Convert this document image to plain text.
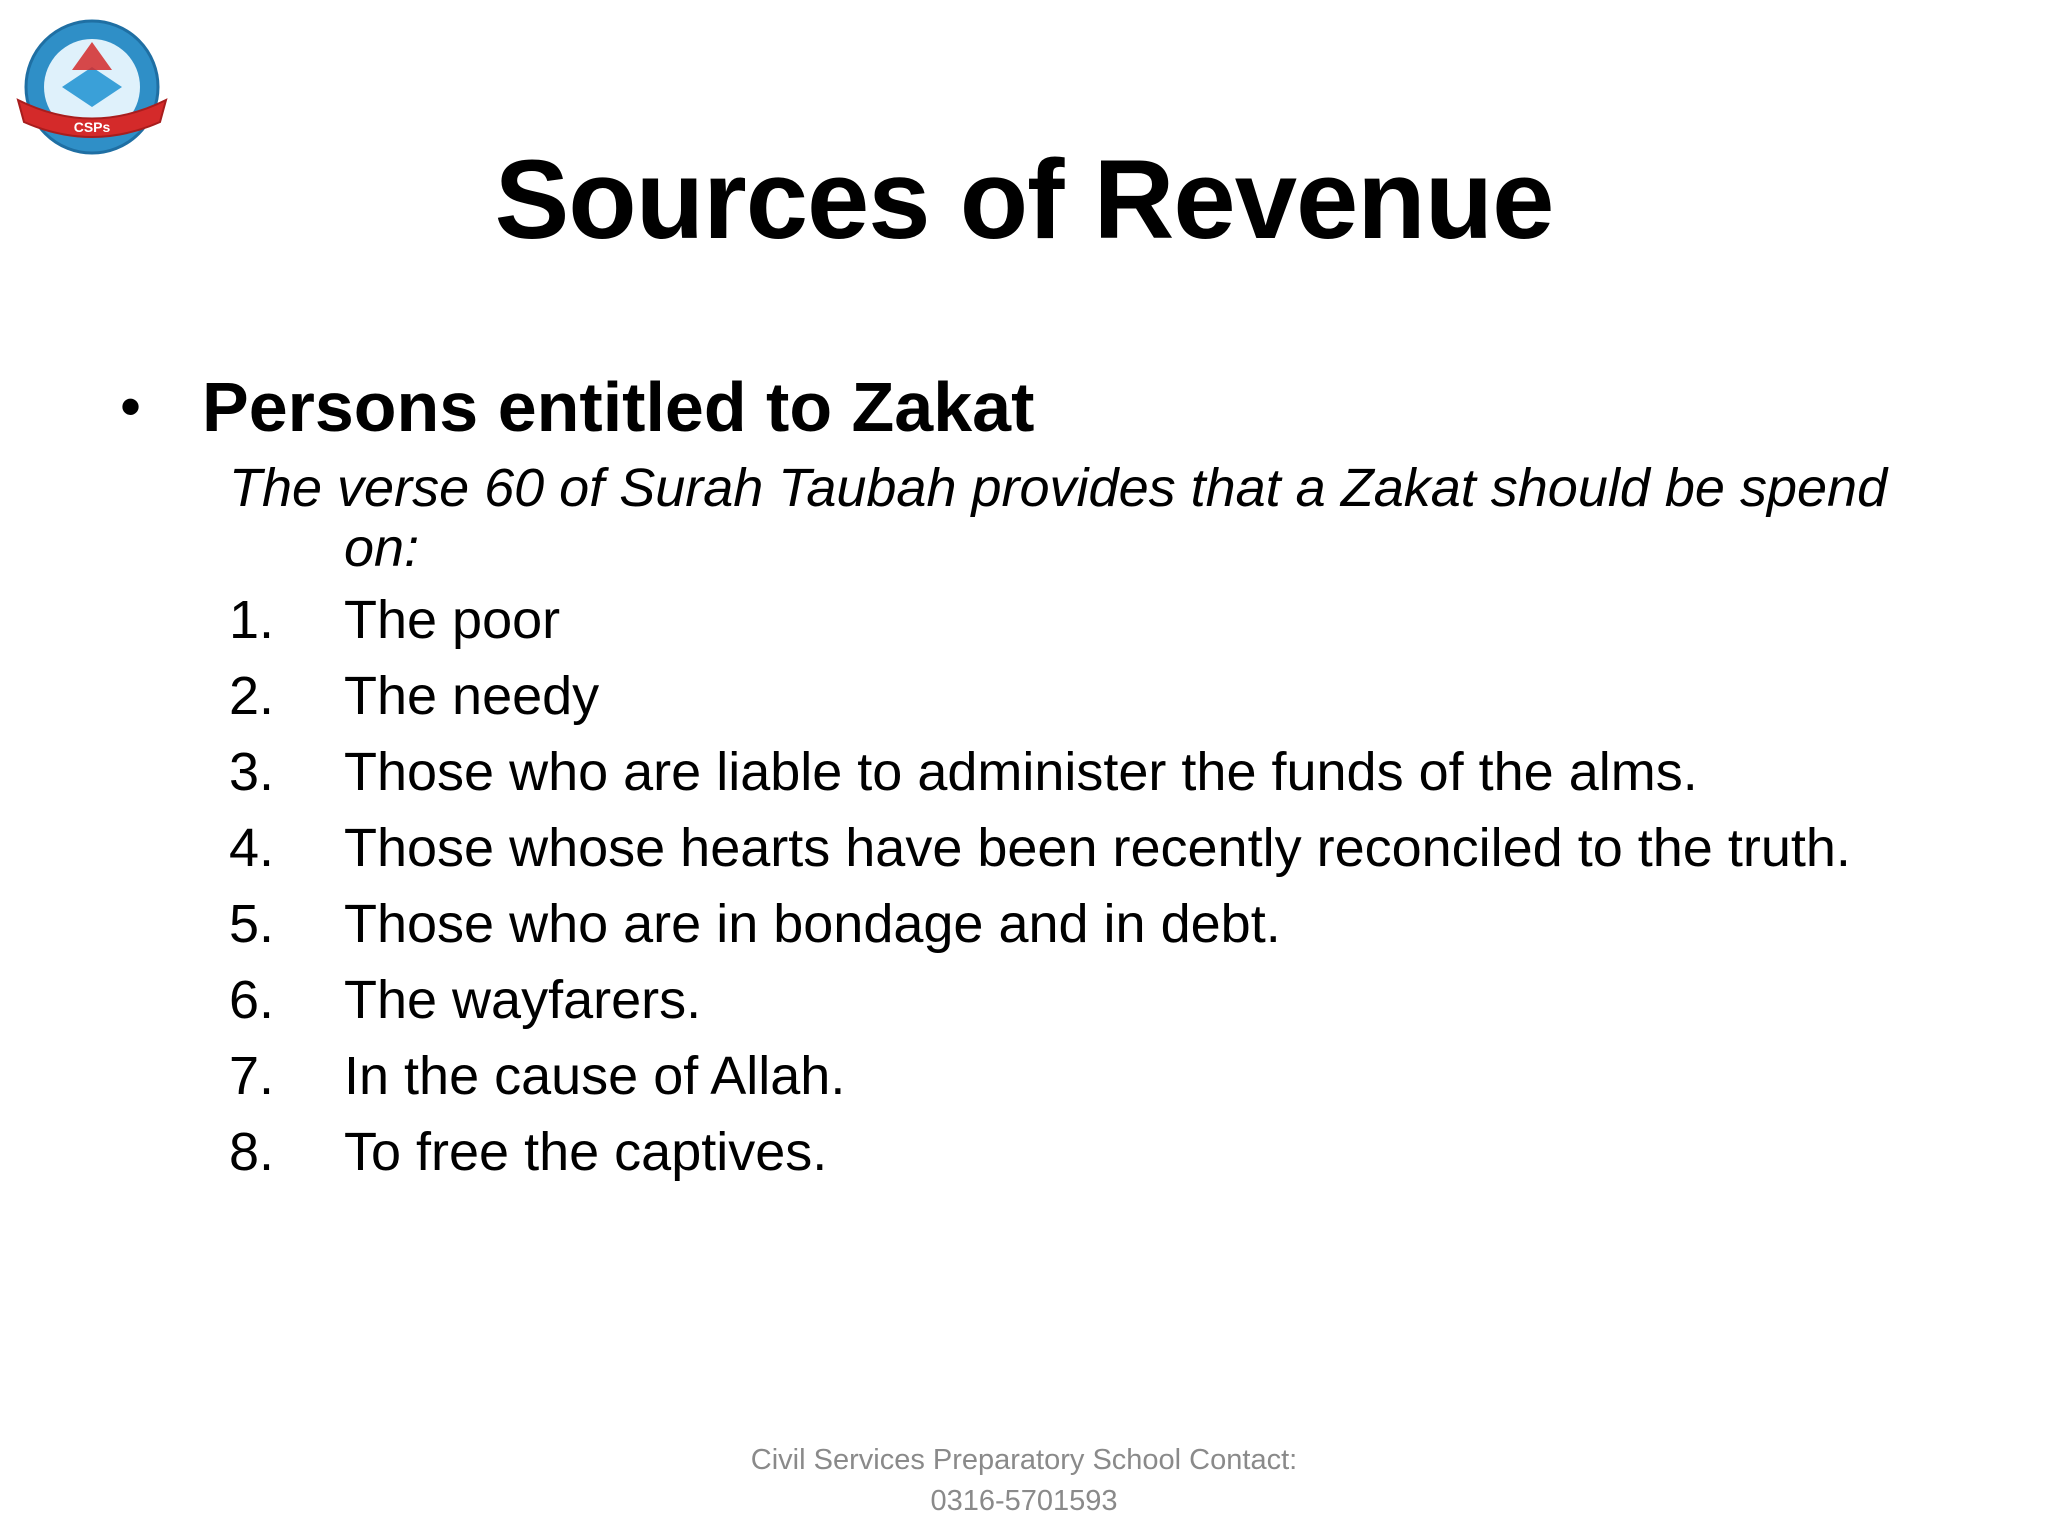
CSPs
Sources of Revenue
• Persons entitled to Zakat
The verse 60 of Surah Taubah provides that a Zakat should be spend on:
1.	The poor
2.	The needy
3.	Those who are liable to administer the funds of the alms.
4.	Those whose hearts have been recently reconciled to the truth.
5.	Those who are in bondage and in debt.
6.	The wayfarers.
7.	In the cause of Allah.
8.	To free the captives.
Civil Services Preparatory School Contact:
0316-5701593
